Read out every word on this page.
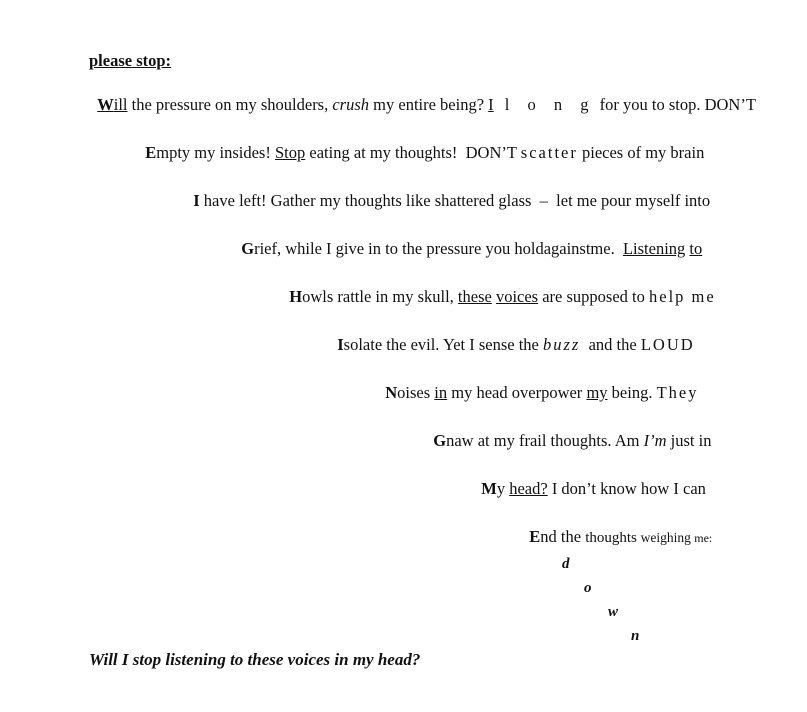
please stop:

Will the pressure on my shoulders, crush my entire being? I l o n g for you to stop. DON’T

Empty my insides! Stop eating at my thoughts!  DON’T scatter pieces of my brain

I have left! Gather my thoughts like shattered glass  –  let me pour myself into

Grief, while I give in to the pressure you holdagainstme.  Listening to

Howls rattle in my skull, these voices are supposed to help me

Isolate the evil. Yet I sense the buzz  and the LOUD

Noises in my head overpower my being. They

Gnaw at my frail thoughts. Am I’m just in

My head? I don’t know how I can

End the thoughts weighing me:

d
o
w
n
Will I stop listening to these voices in my head?
